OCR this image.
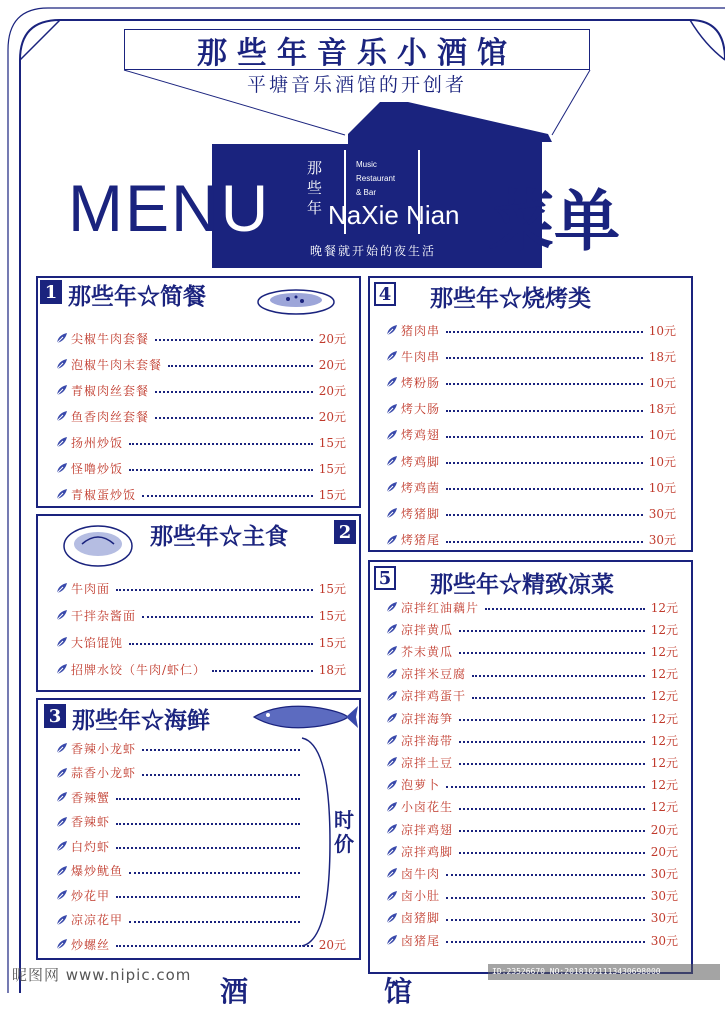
那些年音乐小酒馆
平塘音乐酒馆的开创者
MENU
那
些
年
Music
Restaurant
& Bar
NaXie Nian
晚餐就开始的夜生活 菜单
1 那些年☆简餐
尖椒牛肉套餐	20元
泡椒牛肉末套餐	20元
青椒肉丝套餐	20元
鱼香肉丝套餐	20元
扬州炒饭	15元
怪噜炒饭	15元
青椒蛋炒饭	15元
那些年☆主食	2
牛肉面	15元
干拌杂酱面	15元
大馅馄饨	15元
招牌水饺（牛肉/虾仁）	18元
3 那些年☆海鲜
时
价
香辣小龙虾
蒜香小龙虾
香辣蟹
香辣虾
白灼虾
爆炒鱿鱼
炒花甲
凉凉花甲
炒螺丝	20元
4 那些年☆烧烤类
猪肉串	10元
牛肉串	18元
烤粉肠	10元
烤大肠	18元
烤鸡翅	10元
烤鸡脚	10元
烤鸡菌	10元
烤猪脚	30元
烤猪尾	30元
5 那些年☆精致凉菜
凉拌红油藕片	12元
凉拌黄瓜	12元
芥末黄瓜	12元
凉拌米豆腐	12元
凉拌鸡蛋干	12元
凉拌海笋	12元
凉拌海带	12元
凉拌土豆	12元
泡萝卜	12元
小卤花生	12元
凉拌鸡翅	20元
凉拌鸡脚	20元
卤牛肉	30元
卤小肚	30元
卤猪脚	30元
卤猪尾	30元
酒	馆
昵图网 www.nipic.com	ID:23526670 NO:20181021113430698000
